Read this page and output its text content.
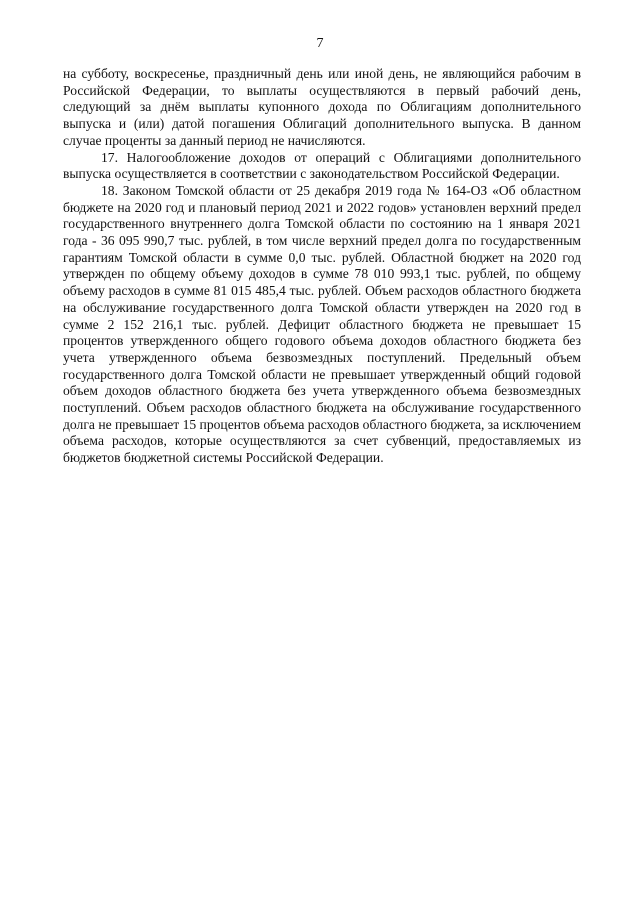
7

на субботу, воскресенье, праздничный день или иной день, не являющийся рабочим в Российской Федерации, то выплаты осуществляются в первый рабочий день, следующий за днём выплаты купонного дохода по Облигациям дополнительного выпуска и (или) датой погашения Облигаций дополнительного выпуска. В данном случае проценты за данный период не начисляются.

17. Налогообложение доходов от операций с Облигациями дополнительного выпуска осуществляется в соответствии с законодательством Российской Федерации.

18. Законом Томской области от 25 декабря 2019 года № 164-ОЗ «Об областном бюджете на 2020 год и плановый период 2021 и 2022 годов» установлен верхний предел государственного внутреннего долга Томской области по состоянию на 1 января 2021 года - 36 095 990,7 тыс. рублей, в том числе верхний предел долга по государственным гарантиям Томской области в сумме 0,0 тыс. рублей. Областной бюджет на 2020 год утвержден по общему объему доходов в сумме 78 010 993,1 тыс. рублей, по общему объему расходов в сумме 81 015 485,4 тыс. рублей. Объем расходов областного бюджета на обслуживание государственного долга Томской области утвержден на 2020 год в сумме 2 152 216,1 тыс. рублей. Дефицит областного бюджета не превышает 15 процентов утвержденного общего годового объема доходов областного бюджета без учета утвержденного объема безвозмездных поступлений. Предельный объем государственного долга Томской области не превышает утвержденный общий годовой объем доходов областного бюджета без учета утвержденного объема безвозмездных поступлений. Объем расходов областного бюджета на обслуживание государственного долга не превышает 15 процентов объема расходов областного бюджета, за исключением объема расходов, которые осуществляются за счет субвенций, предоставляемых из бюджетов бюджетной системы Российской Федерации.
